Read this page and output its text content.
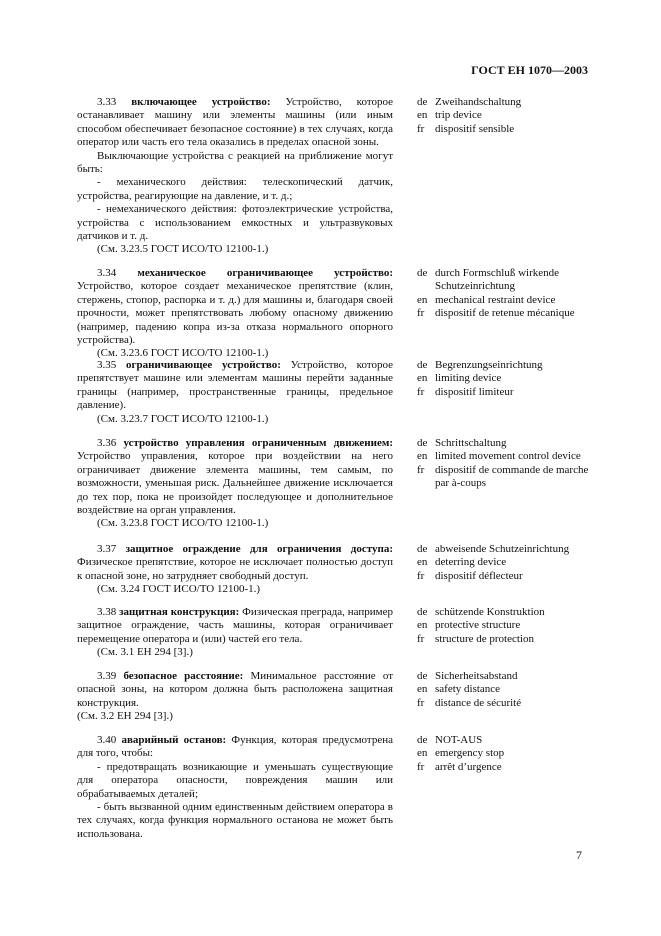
ГОСТ ЕН 1070—2003

3.33 включающее устройство: Устройство, которое останавливает машину или элементы машины (или иным способом обеспечивает безопасное состояние) в тех случаях, когда оператор или часть его тела оказались в пределах опасной зоны.

Выключающие устройства с реакцией на приближение могут быть:

- механического действия: телескопический датчик, устройства, реагирующие на давление, и т. д.;

- немеханического действия: фотоэлектрические устройства, устройства с использованием емкостных и ультразвуковых датчиков и т. д.

(См. 3.23.5 ГОСТ ИСО/ТО 12100-1.)

de Zweihandschaltung
en trip device
fr dispositif sensible

3.34 механическое ограничивающее устройство: Устройство, которое создает механическое препятствие (клин, стержень, стопор, распорка и т. д.) для машины и, благодаря своей прочности, может препятствовать любому опасному движению (например, падению копра из-за отказа нормального опорного устройства).

(См. 3.23.6 ГОСТ ИСО/ТО 12100-1.)

de durch Formschluß wirkende Schutzeinrichtung
en mechanical restraint device
fr dispositif de retenue mécanique

3.35 ограничивающее устройство: Устройство, которое препятствует машине или элементам машины перейти заданные границы (например, пространственные границы, предельное давление).

(См. 3.23.7 ГОСТ ИСО/ТО 12100-1.)

de Begrenzungseinrichtung
en limiting device
fr dispositif limiteur

3.36 устройство управления ограниченным движением: Устройство управления, которое при воздействии на него ограничивает движение элемента машины, тем самым, по возможности, уменьшая риск. Дальнейшее движение исключается до тех пор, пока не произойдет последующее и дополнительное воздействие на орган управления.

(См. 3.23.8 ГОСТ ИСО/ТО 12100-1.)

de Schrittschaltung
en limited movement control device
fr dispositif de commande de marche par à-coups

3.37 защитное ограждение для ограничения доступа: Физическое препятствие, которое не исключает полностью доступ к опасной зоне, но затрудняет свободный доступ.

(См. 3.24 ГОСТ ИСО/ТО 12100-1.)

de abweisende Schutzeinrichtung
en deterring device
fr dispositif déflecteur

3.38 защитная конструкция: Физическая преграда, например защитное ограждение, часть машины, которая ограничивает перемещение оператора и (или) частей его тела.

(См. 3.1 ЕН 294 [3].)

de schützende Konstruktion
en protective structure
fr structure de protection

3.39 безопасное расстояние: Минимальное расстояние от опасной зоны, на котором должна быть расположена защитная конструкция.

(См. 3.2 ЕН 294 [3].)

de Sicherheitsabstand
en safety distance
fr distance de sécurité

3.40 аварийный останов: Функция, которая предусмотрена для того, чтобы:

- предотвращать возникающие и уменьшать существующие для оператора опасности, повреждения машин или обрабатываемых деталей;

- быть вызванной одним единственным действием оператора в тех случаях, когда функция нормального останова не может быть использована.

de NOT-AUS
en emergency stop
fr arrêt d’urgence
7
